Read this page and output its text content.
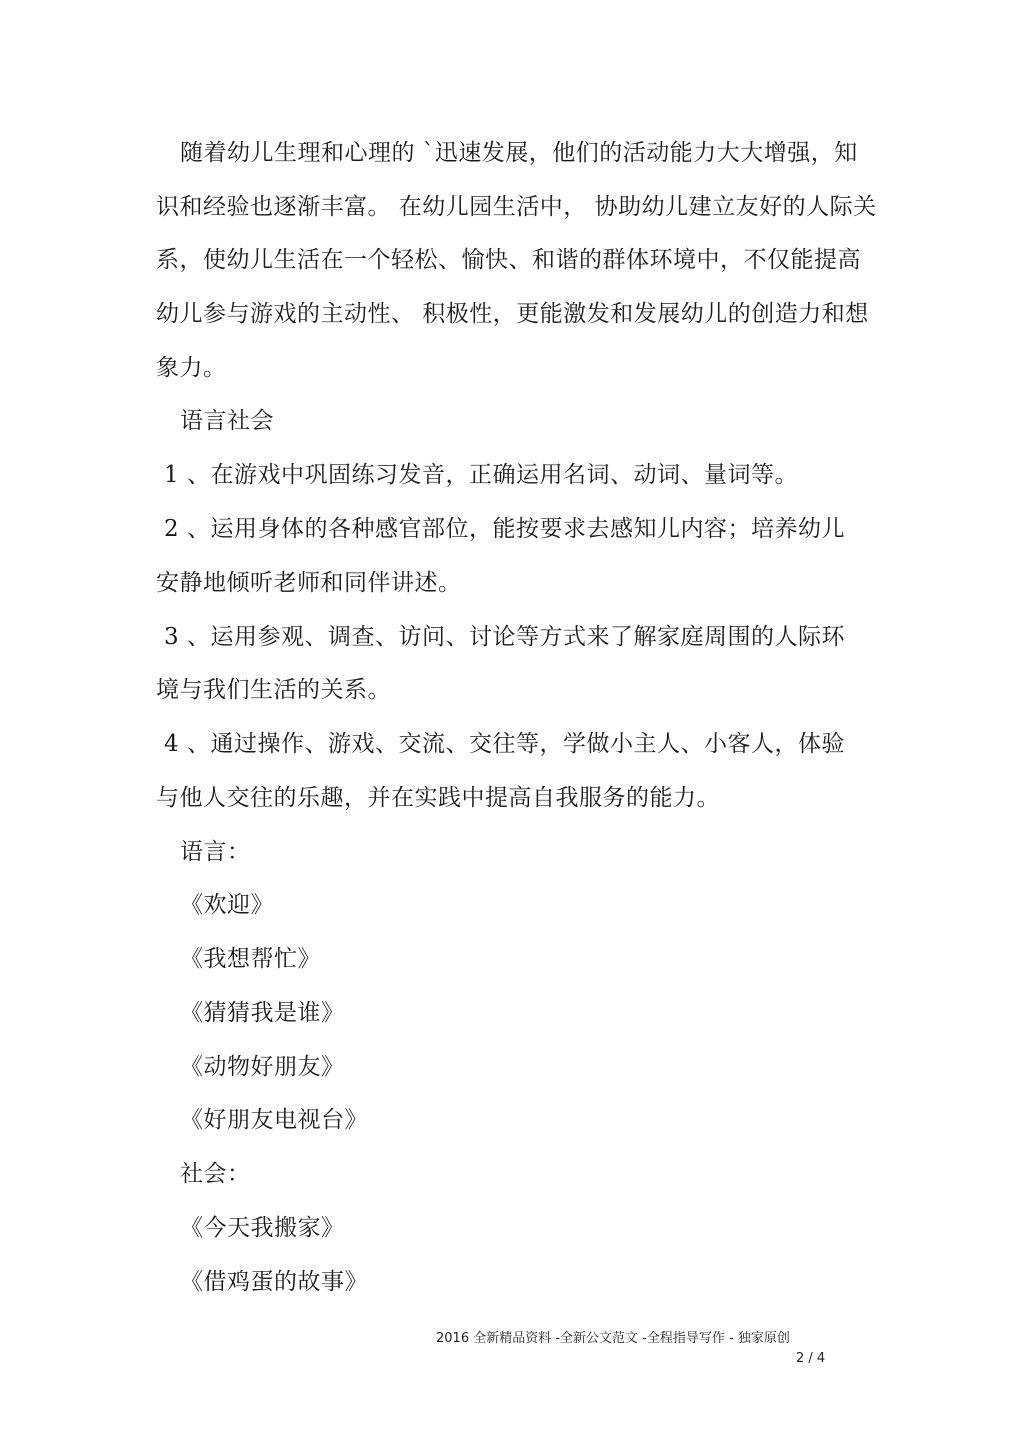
随着幼儿生理和心理的 `迅速发展，他们的活动能力大大增强，知
识和经验也逐渐丰富。 在幼儿园生活中， 协助幼儿建立友好的人际关
系，使幼儿生活在一个轻松、愉快、和谐的群体环境中，不仅能提高
幼儿参与游戏的主动性、 积极性，更能激发和发展幼儿的创造力和想
象力。
语言社会
1 、在游戏中巩固练习发音，正确运用名词、动词、量词等。
2 、运用身体的各种感官部位，能按要求去感知儿内容；培养幼儿
安静地倾听老师和同伴讲述。
3 、运用参观、调查、访问、讨论等方式来了解家庭周围的人际环
境与我们生活的关系。
4 、通过操作、游戏、交流、交往等，学做小主人、小客人，体验
与他人交往的乐趣，并在实践中提高自我服务的能力。
语言：
《欢迎》
《我想帮忙》
《猜猜我是谁》
《动物好朋友》
《好朋友电视台》
社会：
《今天我搬家》
《借鸡蛋的故事》
2016 全新精品资料 -全新公文范文 -全程指导写作 - 独家原创
2 / 4
